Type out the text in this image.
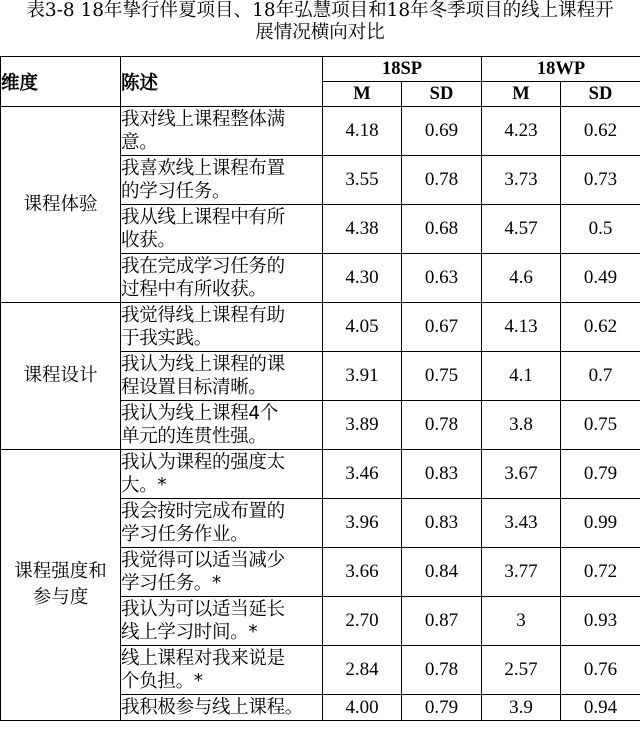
表3-8 18年挚行伴夏项目、18年弘慧项目和18年冬季项目的线上课程开
展情况横向对比
维度	陈述	18SP		18WP	
		M	SD	M	SD

课程体验	我对线上课程整体满
意。	4.18	0.69	4.23	0.62

	我喜欢线上课程布置
的学习任务。	3.55	0.78	3.73	0.73

	我从线上课程中有所
收获。	4.38	0.68	4.57	0.5

	我在完成学习任务的
过程中有所收获。	4.30	0.63	4.6	0.49

课程设计	我觉得线上课程有助
于我实践。	4.05	0.67	4.13	0.62

	我认为线上课程的课
程设置目标清晰。	3.91	0.75	4.1	0.7

	我认为线上课程4个
单元的连贯性强。	3.89	0.78	3.8	0.75

课程强度和
参与度	我认为课程的强度太
大。*	3.46	0.83	3.67	0.79

	我会按时完成布置的
学习任务作业。	3.96	0.83	3.43	0.99

	我觉得可以适当减少
学习任务。*	3.66	0.84	3.77	0.72

	我认为可以适当延长
线上学习时间。*	2.70	0.87	3	0.93

	线上课程对我来说是
个负担。*	2.84	0.78	2.57	0.76

	我积极参与线上课程。	4.00	0.79	3.9	0.94
